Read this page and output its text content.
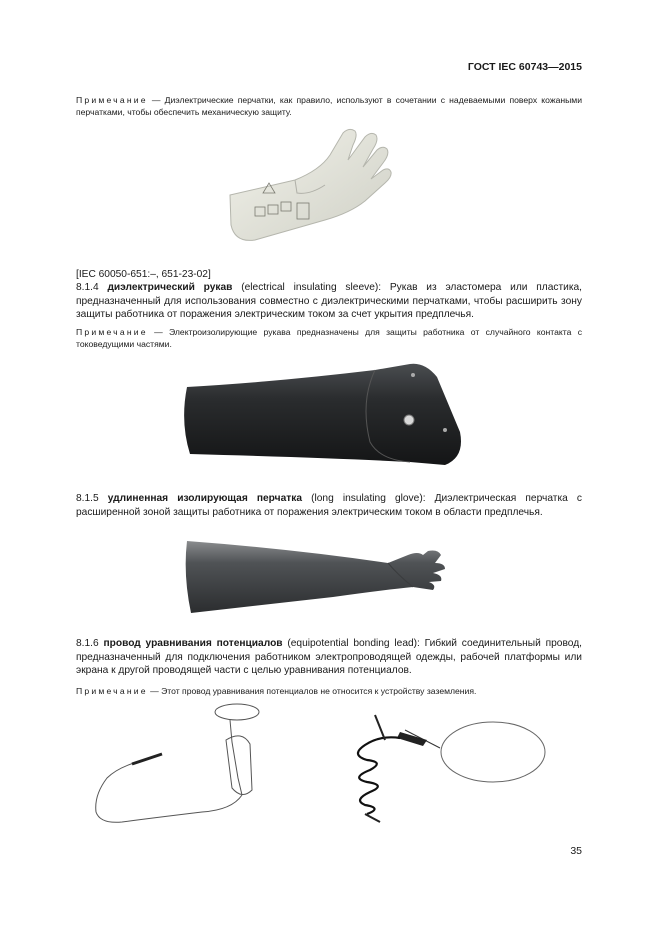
ГОСТ IEC 60743—2015
Примечание — Диэлектрические перчатки, как правило, используют в сочетании с надеваемыми поверх кожаными перчатками, чтобы обеспечить механическую защиту.
[IEC 60050-651:–, 651-23-02]
8.1.4 диэлектрический рукав (electrical insulating sleeve): Рукав из эластомера или пластика, предназначенный для использования совместно с диэлектрическими перчатками, чтобы расширить зону защиты работника от поражения электрическим током за счет укрытия предплечья.
Примечание — Электроизолирующие рукава предназначены для защиты работника от случайного контакта с токоведущими частями.
8.1.5 удлиненная изолирующая перчатка (long insulating glove): Диэлектрическая перчатка с расширенной зоной защиты работника от поражения электрическим током в области предплечья.
8.1.6 провод уравнивания потенциалов (equipotential bonding lead): Гибкий соединительный провод, предназначенный для подключения работником электропроводящей одежды, рабочей платформы или экрана к другой проводящей части с целью уравнивания потенциалов.
Примечание — Этот провод уравнивания потенциалов не относится к устройству заземления.
35
